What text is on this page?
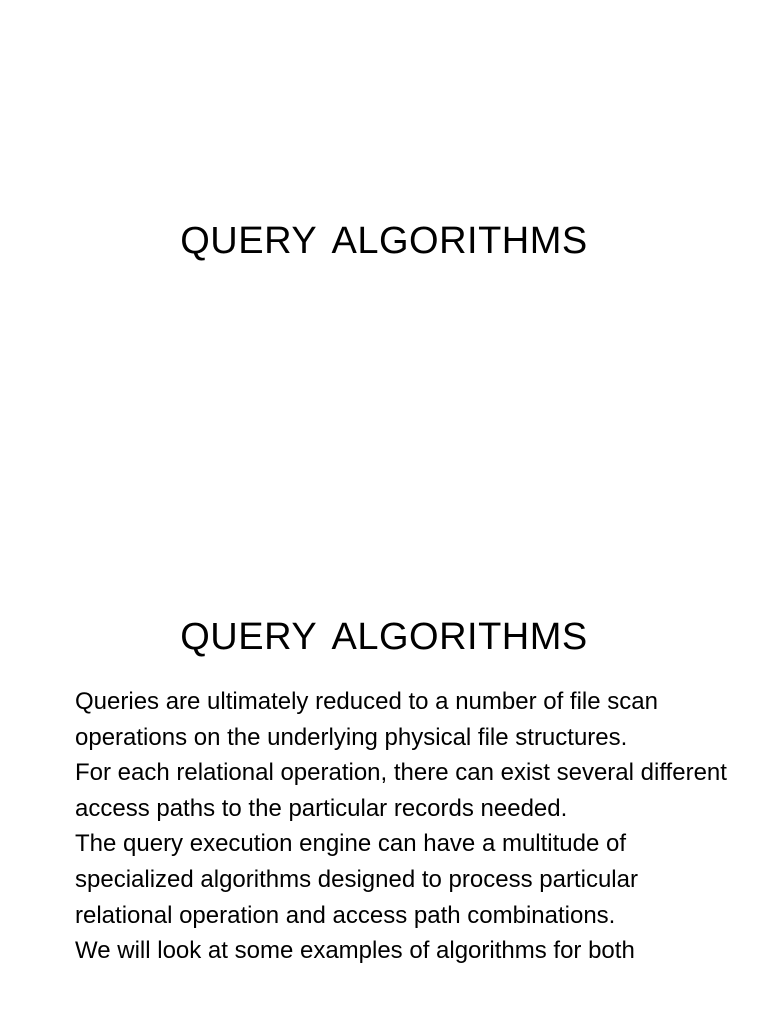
QUERY ALGORITHMS
QUERY ALGORITHMS
Queries are ultimately reduced to a number of file scan operations on the underlying physical file structures.
For each relational operation, there can exist several different access paths to the particular records needed.
The query execution engine can have a multitude of specialized algorithms designed to process particular relational operation and access path combinations.
We will look at some examples of algorithms for both
